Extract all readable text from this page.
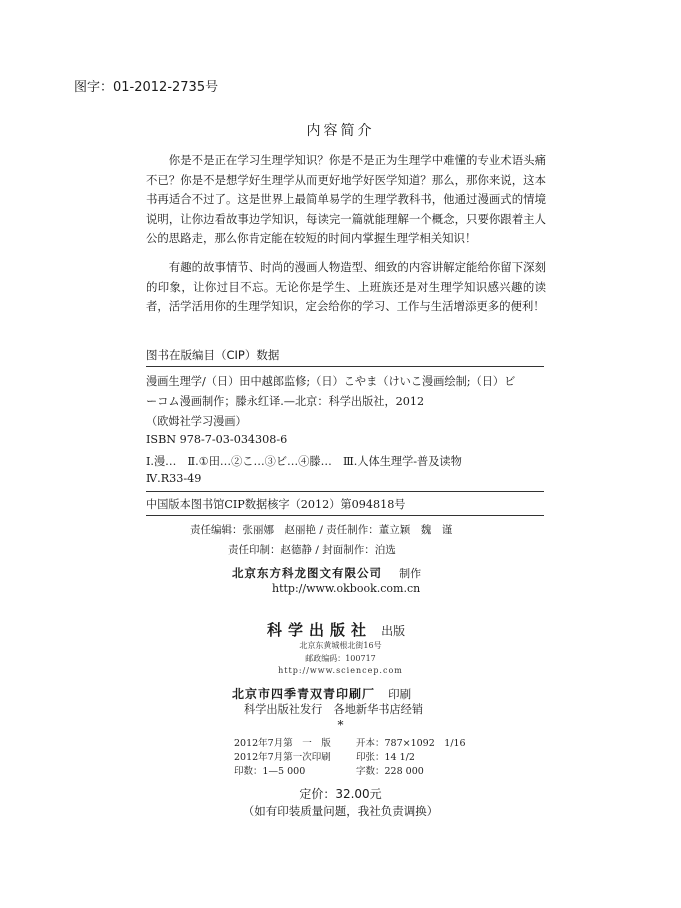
图字：01-2012-2735号
内容简介

你是不是正在学习生理学知识？你是不是正为生理学中难懂的专业术语头痛不已？你是不是想学好生理学从而更好地学好医学知道？那么，那你来说，这本书再适合不过了。这是世界上最简单易学的生理学教科书，他通过漫画式的情境说明，让你边看故事边学知识，每读完一篇就能理解一个概念，只要你跟着主人公的思路走，那么你肯定能在较短的时间内掌握生理学相关知识！

有趣的故事情节、时尚的漫画人物造型、细致的内容讲解定能给你留下深刻的印象，让你过目不忘。无论你是学生、上班族还是对生理学知识感兴趣的读者，活学活用你的生理学知识，定会给你的学习、工作与生活增添更多的便利！

图书在版编目（CIP）数据
漫画生理学/（日）田中越郎监修;（日）こやま（けいこ漫画绘制;（日）ビ
ーコム漫画制作；滕永红译.—北京：科学出版社，2012
（欧姆社学习漫画）
ISBN 978-7-03-034308-6
Ⅰ.漫…　Ⅱ.①田…②こ…③ビ…④滕…　Ⅲ.人体生理学-普及读物
Ⅳ.R33-49
中国版本图书馆CIP数据核字（2012）第094818号
责任编辑：张丽娜　赵丽艳 / 责任制作：董立颖　魏　谨
责任印制：赵德静 / 封面制作：泊选
北京东方科龙图文有限公司 制作
http://www.okbook.com.cn
科学出版社 出版
北京东黄城根北街16号
邮政编码：100717
http://www.sciencep.com
北京市四季青双青印刷厂 印刷
科学出版社发行　各地新华书店经销
*
2012年7月第　一　版
2012年7月第一次印刷
印数：1—5 000
开本：787×1092　1/16
印张：14 1/2
字数：228 000
定价：32.00元
（如有印装质量问题，我社负责调换）
